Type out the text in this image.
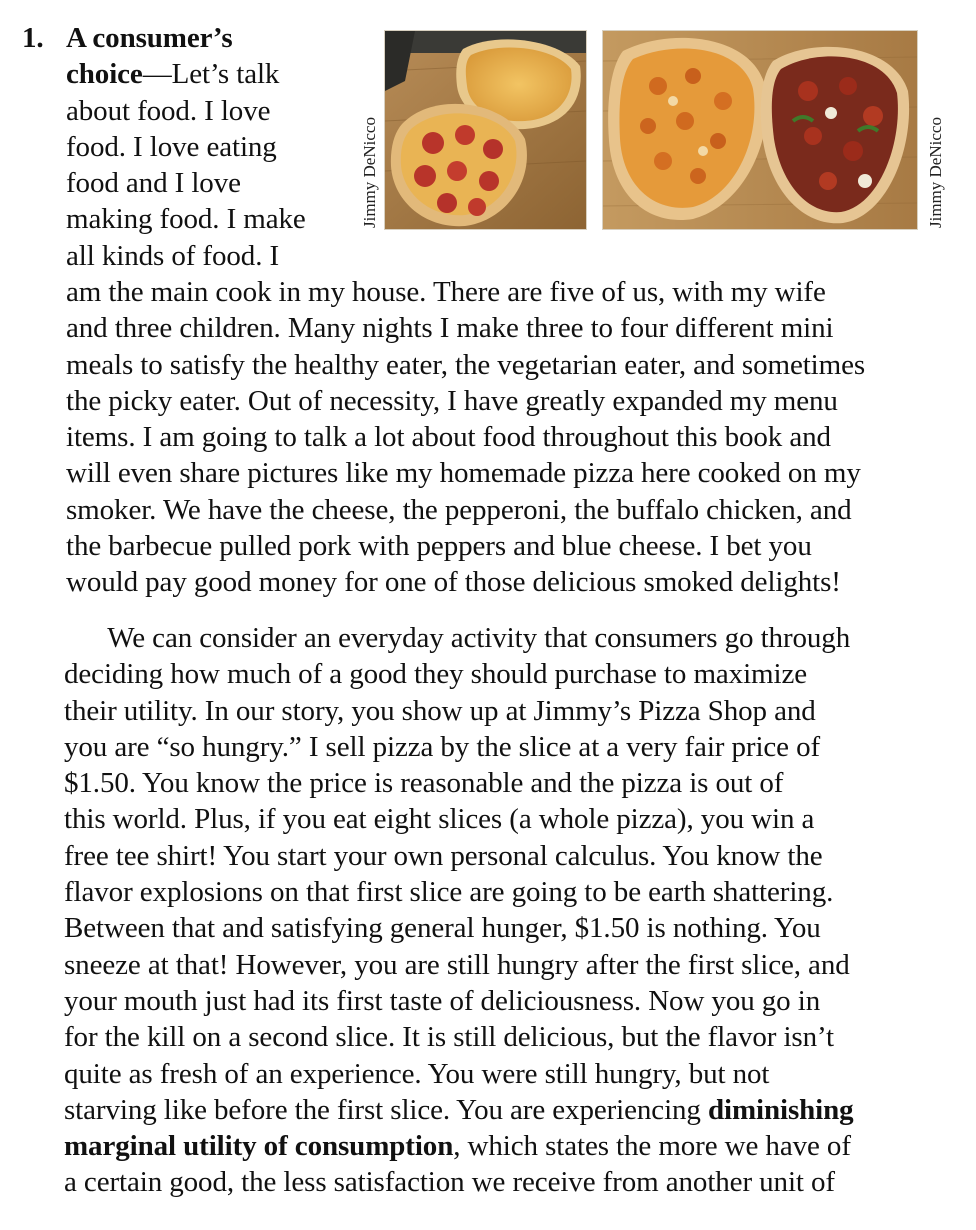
1. A consumer’s
choice—Let’s talk
about food. I love
food. I love eating
food and I love
making food. I make
all kinds of food. I
Jimmy DeNicco	Jimmy DeNicco
am the main cook in my house. There are five of us, with my wife
and three children. Many nights I make three to four different mini
meals to satisfy the healthy eater, the vegetarian eater, and sometimes
the picky eater. Out of necessity, I have greatly expanded my menu
items. I am going to talk a lot about food throughout this book and
will even share pictures like my homemade pizza here cooked on my
smoker. We have the cheese, the pepperoni, the buffalo chicken, and
the barbecue pulled pork with peppers and blue cheese. I bet you
would pay good money for one of those delicious smoked delights!
  We can consider an everyday activity that consumers go through
deciding how much of a good they should purchase to maximize
their utility. In our story, you show up at Jimmy’s Pizza Shop and
you are “so hungry.” I sell pizza by the slice at a very fair price of
$1.50. You know the price is reasonable and the pizza is out of
this world. Plus, if you eat eight slices (a whole pizza), you win a
free tee shirt! You start your own personal calculus. You know the
flavor explosions on that first slice are going to be earth shattering.
Between that and satisfying general hunger, $1.50 is nothing. You
sneeze at that! However, you are still hungry after the first slice, and
your mouth just had its first taste of deliciousness. Now you go in
for the kill on a second slice. It is still delicious, but the flavor isn’t
quite as fresh of an experience. You were still hungry, but not
starving like before the first slice. You are experiencing diminishing
marginal utility of consumption, which states the more we have of
a certain good, the less satisfaction we receive from another unit of
